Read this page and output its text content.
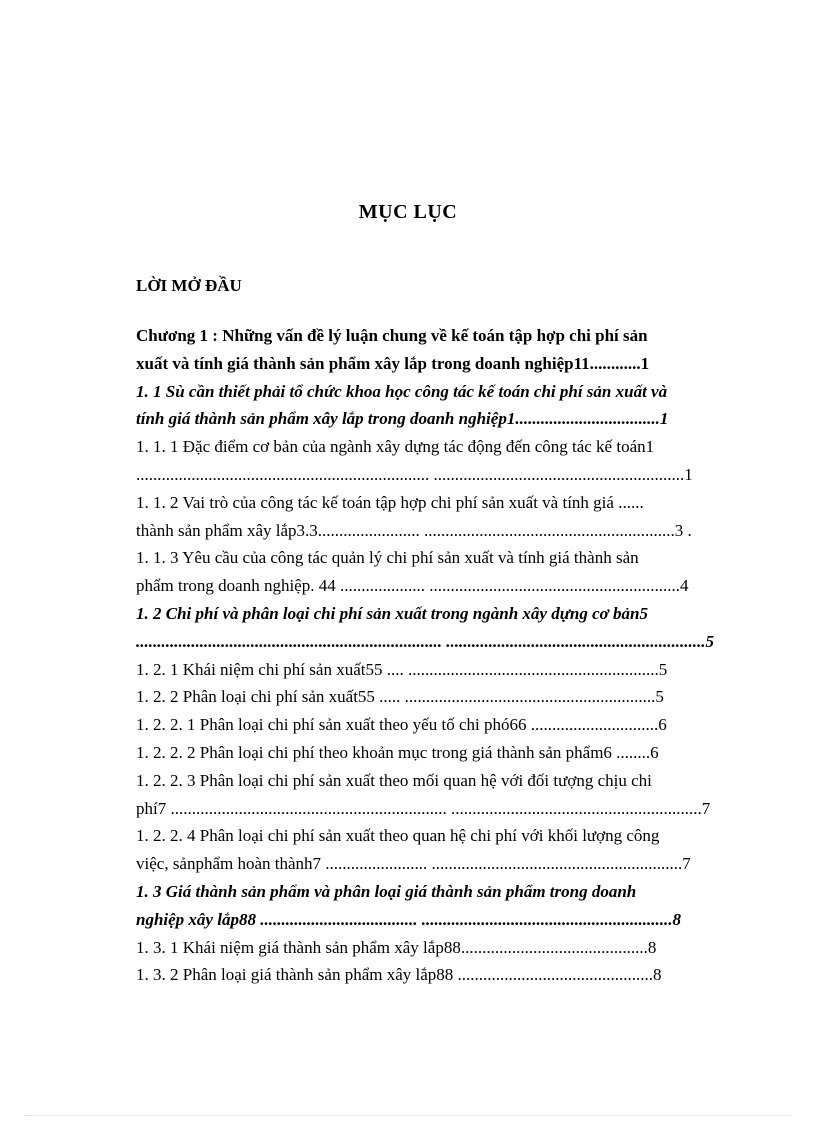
MỤC LỤC
LỜI MỞ ĐẦU
Chương 1 : Những vấn đề lý luận chung về kế toán tập hợp chi phí sản
xuất và tính giá thành sản phẩm xây lắp trong doanh nghiệp11............1
1. 1 Sù cần thiết phải tổ chức khoa học công tác kế toán chi phí sản xuất và
tính giá thành sản phẩm xây lắp trong doanh nghiệp1..................................1
1. 1. 1 Đặc điểm cơ bản của ngành xây dựng tác động đến công tác kế toán1
..................................................................... ...........................................................1
1. 1. 2 Vai trò của công tác kế toán tập hợp chi phí sản xuất và tính giá ......
thành sản phẩm xây lắp3.3........................ ...........................................................3 .
1. 1. 3 Yêu cầu của công tác quản lý chi phí sản xuất và tính giá thành sản
phẩm trong doanh nghiệp. 44 .................... ...........................................................4
1. 2 Chi phí và phân loại chi phí sản xuất trong ngành xây dựng cơ bản5
........................................................................ .............................................................5
1. 2. 1 Khái niệm chi phí sản xuất55 .... ...........................................................5
1. 2. 2 Phân loại chi phí sản xuất55 ..... ...........................................................5
1. 2. 2. 1 Phân loại chi phí sản xuất theo yếu tố chi phó66 ..............................6
1. 2. 2. 2 Phân loại chi phí theo khoản mục trong giá thành sản phẩm6 ........6
1. 2. 2. 3 Phân loại chi phí sản xuất theo mối quan hệ với đối tượng chịu chi
phí7 ................................................................. ...........................................................7
1. 2. 2. 4 Phân loại chi phí sản xuất theo quan hệ chi phí với khối lượng công
việc, sảnphẩm hoàn thành7 ........................ ...........................................................7
1. 3 Giá thành sản phẩm và phân loại giá thành sản phẩm trong doanh
nghiệp xây lắp88 ..................................... ...........................................................8
1. 3. 1 Khái niệm giá thành sản phẩm xây lắp88............................................8
1. 3. 2 Phân loại giá thành sản phẩm xây lắp88 ..............................................8
